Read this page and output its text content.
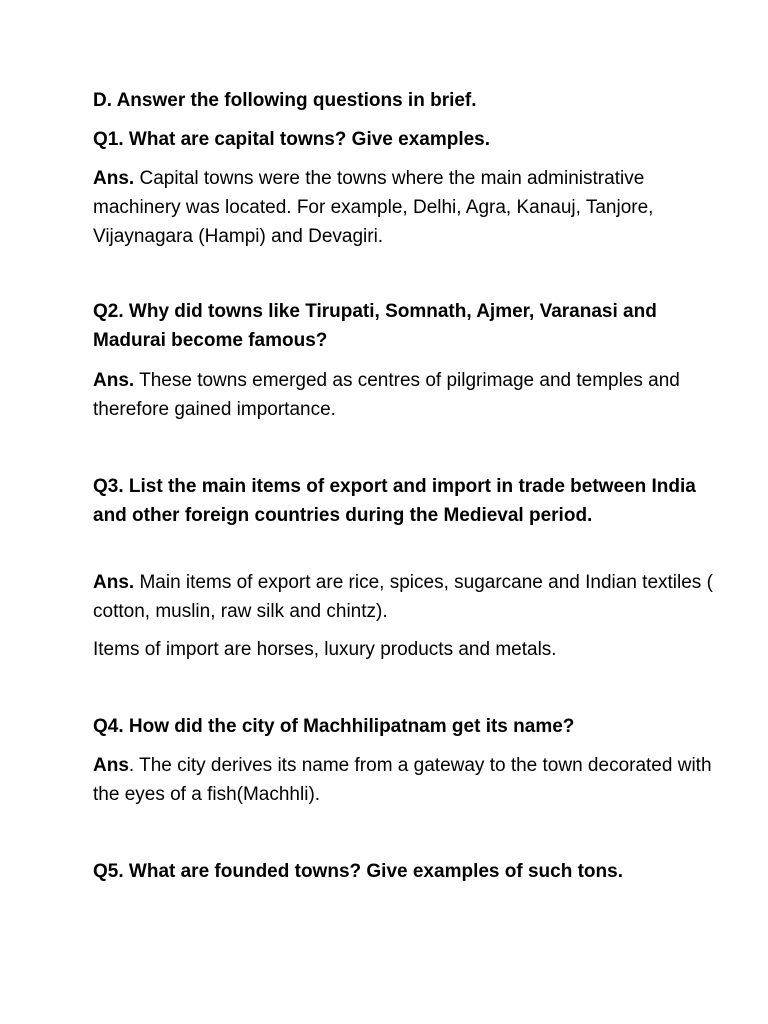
D. Answer the following questions in brief.

Q1. What are capital towns? Give examples.

Ans. Capital towns were the towns where the main administrative machinery was located. For example, Delhi, Agra, Kanauj, Tanjore, Vijaynagara (Hampi) and Devagiri.

Q2. Why did towns like Tirupati, Somnath, Ajmer, Varanasi and Madurai become famous?

Ans. These towns emerged as centres of pilgrimage and temples and therefore gained importance.

Q3. List the main items of export and import in trade between India and other foreign countries during the Medieval period.

Ans. Main items of export are rice, spices, sugarcane and Indian textiles ( cotton, muslin, raw silk and chintz).

Items of import are horses, luxury products and metals.

Q4. How did the city of Machhilipatnam get its name?

Ans. The city derives its name from a gateway to the town decorated with the eyes of a fish(Machhli).

Q5. What are founded towns? Give examples of such tons.
